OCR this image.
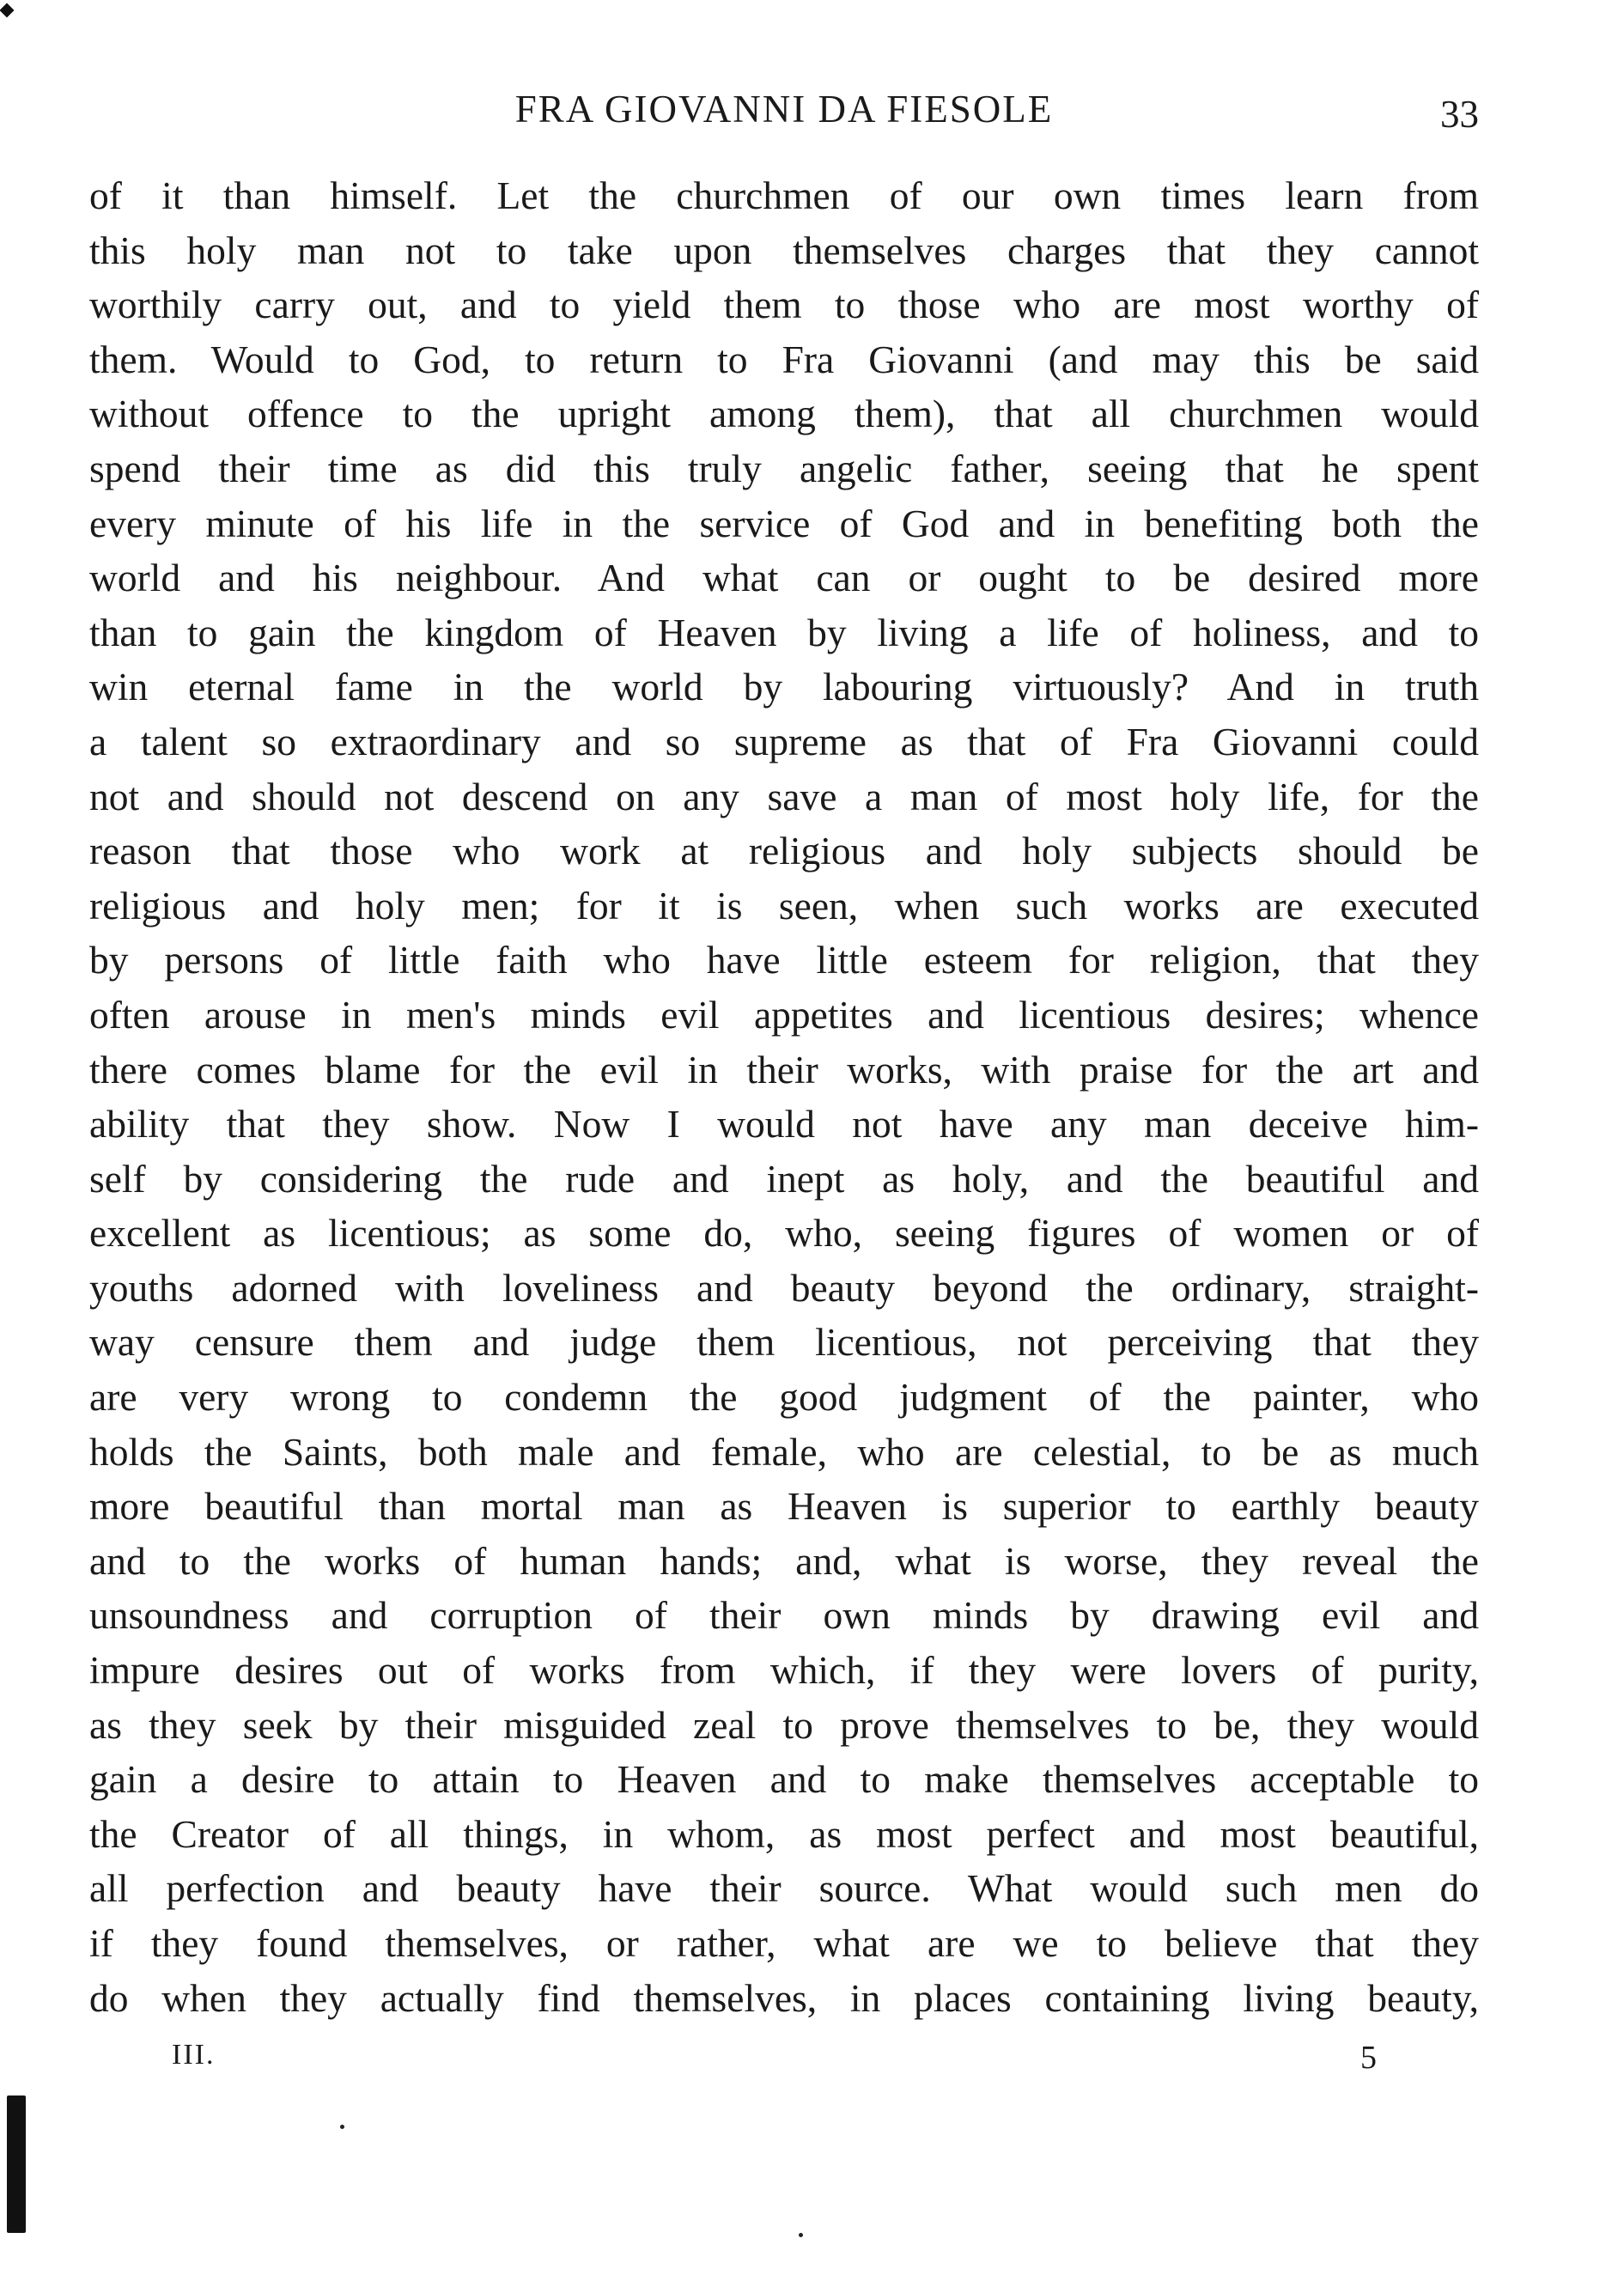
FRA GIOVANNI DA FIESOLE	33
of it than himself. Let the churchmen of our own times learn from
this holy man not to take upon themselves charges that they cannot
worthily carry out, and to yield them to those who are most worthy of
them. Would to God, to return to Fra Giovanni (and may this be said
without offence to the upright among them), that all churchmen would
spend their time as did this truly angelic father, seeing that he spent
every minute of his life in the service of God and in benefiting both the
world and his neighbour. And what can or ought to be desired more
than to gain the kingdom of Heaven by living a life of holiness, and to
win eternal fame in the world by labouring virtuously? And in truth
a talent so extraordinary and so supreme as that of Fra Giovanni could
not and should not descend on any save a man of most holy life, for the
reason that those who work at religious and holy subjects should be
religious and holy men; for it is seen, when such works are executed
by persons of little faith who have little esteem for religion, that they
often arouse in men's minds evil appetites and licentious desires; whence
there comes blame for the evil in their works, with praise for the art and
ability that they show. Now I would not have any man deceive him-
self by considering the rude and inept as holy, and the beautiful and
excellent as licentious; as some do, who, seeing figures of women or of
youths adorned with loveliness and beauty beyond the ordinary, straight-
way censure them and judge them licentious, not perceiving that they
are very wrong to condemn the good judgment of the painter, who
holds the Saints, both male and female, who are celestial, to be as much
more beautiful than mortal man as Heaven is superior to earthly beauty
and to the works of human hands; and, what is worse, they reveal the
unsoundness and corruption of their own minds by drawing evil and
impure desires out of works from which, if they were lovers of purity,
as they seek by their misguided zeal to prove themselves to be, they would
gain a desire to attain to Heaven and to make themselves acceptable to
the Creator of all things, in whom, as most perfect and most beautiful,
all perfection and beauty have their source. What would such men do
if they found themselves, or rather, what are we to believe that they
do when they actually find themselves, in places containing living beauty,
III.	5
